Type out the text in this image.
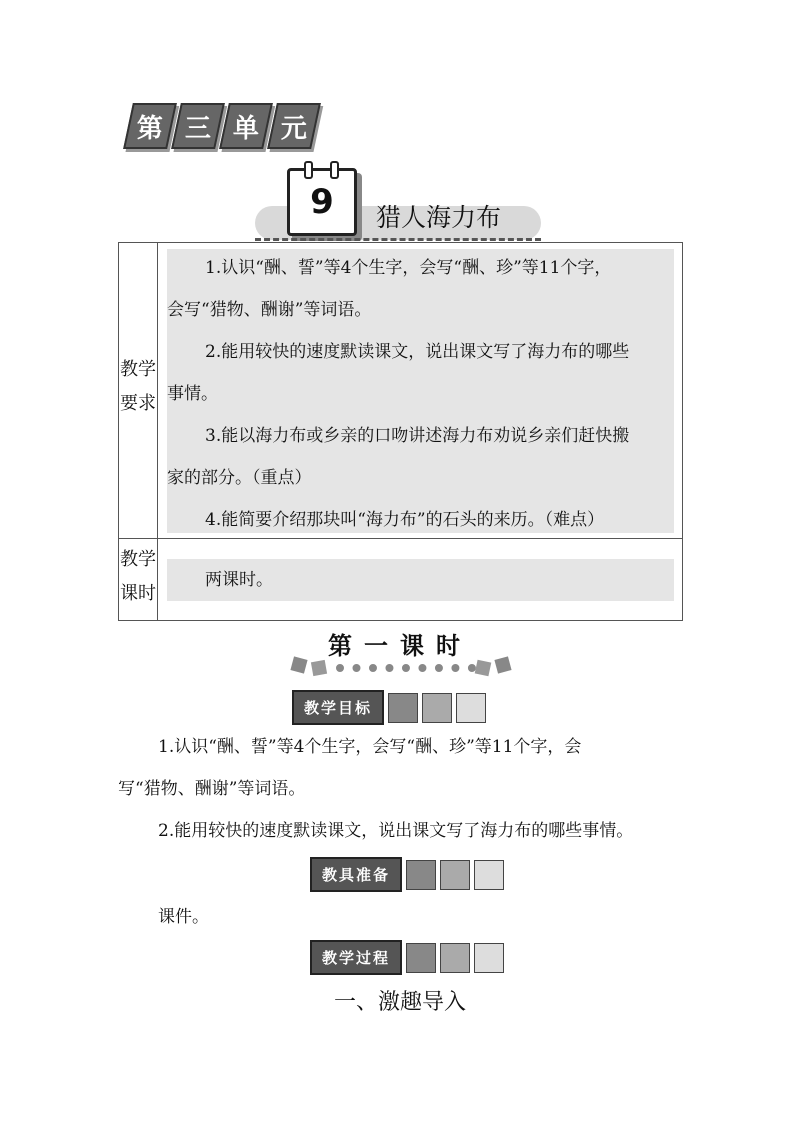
第 三 单 元
9 猎人海力布
教学
要求
1.认识“酬、誓”等4个生字，会写“酬、珍”等11个字，
会写“猎物、酬谢”等词语。
2.能用较快的速度默读课文，说出课文写了海力布的哪些
事情。
3.能以海力布或乡亲的口吻讲述海力布劝说乡亲们赶快搬
家的部分。（重点）
4.能简要介绍那块叫“海力布”的石头的来历。（难点）
教学
课时
两课时。
第一课时
教学目标
1.认识“酬、誓”等4个生字，会写“酬、珍”等11个字，会
写“猎物、酬谢”等词语。
2.能用较快的速度默读课文，说出课文写了海力布的哪些事情。
教具准备
课件。
教学过程
一、激趣导入
